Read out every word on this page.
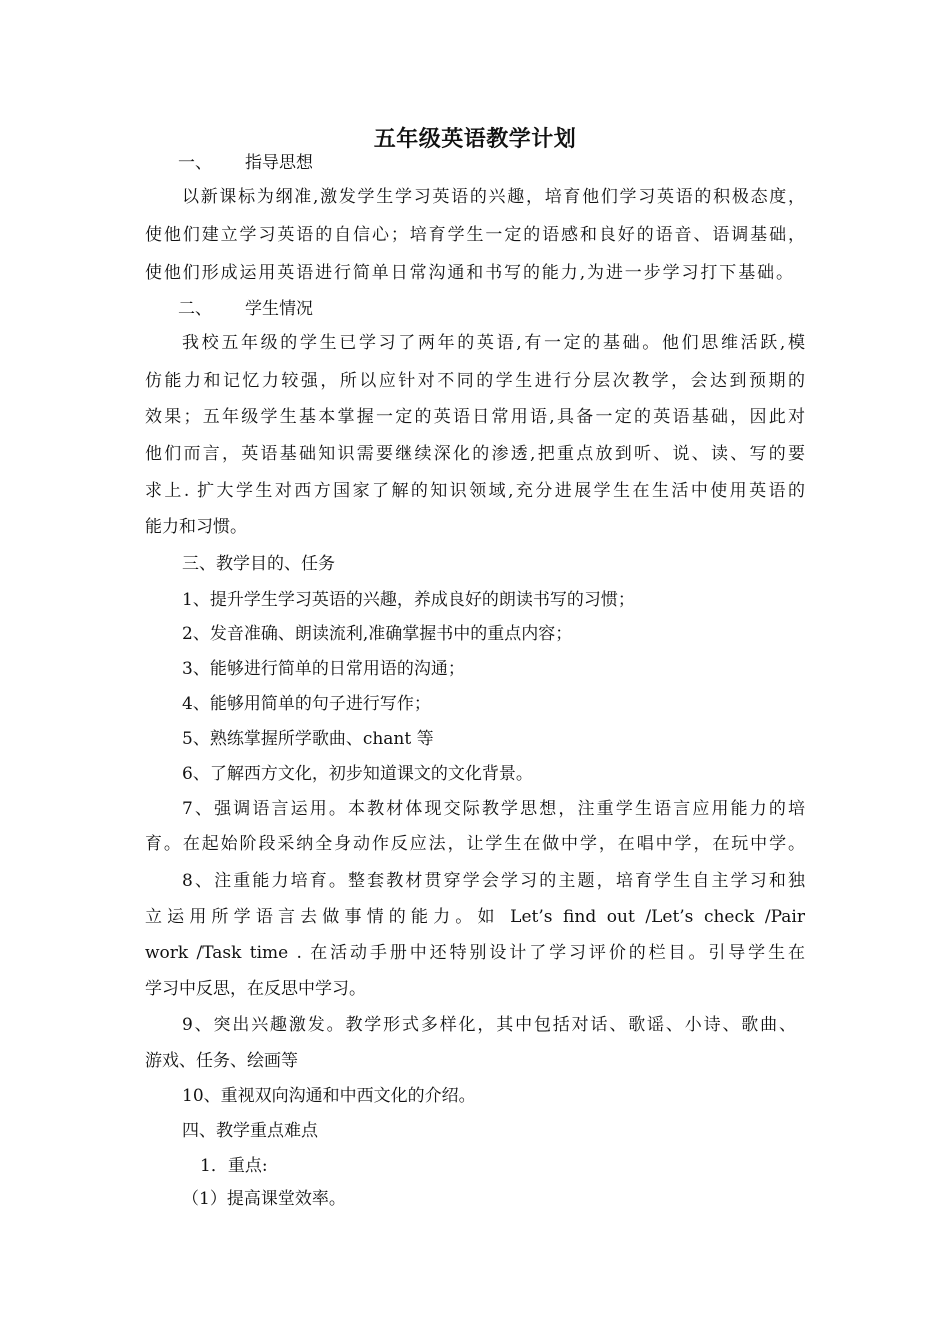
五年级英语教学计划
一、 指导思想
以新课标为纲准,激发学生学习英语的兴趣，培育他们学习英语的积极态度，
使他们建立学习英语的自信心；培育学生一定的语感和良好的语音、语调基础，
使他们形成运用英语进行简单日常沟通和书写的能力,为进一步学习打下基础。
二、 学生情况
我校五年级的学生已学习了两年的英语,有一定的基础。他们思维活跃,模
仿能力和记忆力较强，所以应针对不同的学生进行分层次教学，会达到预期的
效果；五年级学生基本掌握一定的英语日常用语,具备一定的英语基础，因此对
他们而言，英语基础知识需要继续深化的渗透,把重点放到听、说、读、写的要
求上. 扩大学生对西方国家了解的知识领域,充分进展学生在生活中使用英语的
能力和习惯。
三、教学目的、任务
1、提升学生学习英语的兴趣，养成良好的朗读书写的习惯；
2、发音准确、朗读流利,准确掌握书中的重点内容；
3、能够进行简单的日常用语的沟通；
4、能够用简单的句子进行写作；
5、熟练掌握所学歌曲、chant 等
6、了解西方文化，初步知道课文的文化背景。
7、强调语言运用。本教材体现交际教学思想，注重学生语言应用能力的培
育。在起始阶段采纳全身动作反应法，让学生在做中学，在唱中学，在玩中学。
8、注重能力培育。整套教材贯穿学会学习的主题，培育学生自主学习和独
立运用所学语言去做事情的能力。如 Let’s find out /Let’s check /Pair
work /Task time . 在活动手册中还特别设计了学习评价的栏目。引导学生在
学习中反思，在反思中学习。
9、突出兴趣激发。教学形式多样化，其中包括对话、歌谣、小诗、歌曲、
游戏、任务、绘画等
10、重视双向沟通和中西文化的介绍。
四、教学重点难点
1．重点:
（1）提高课堂效率。
